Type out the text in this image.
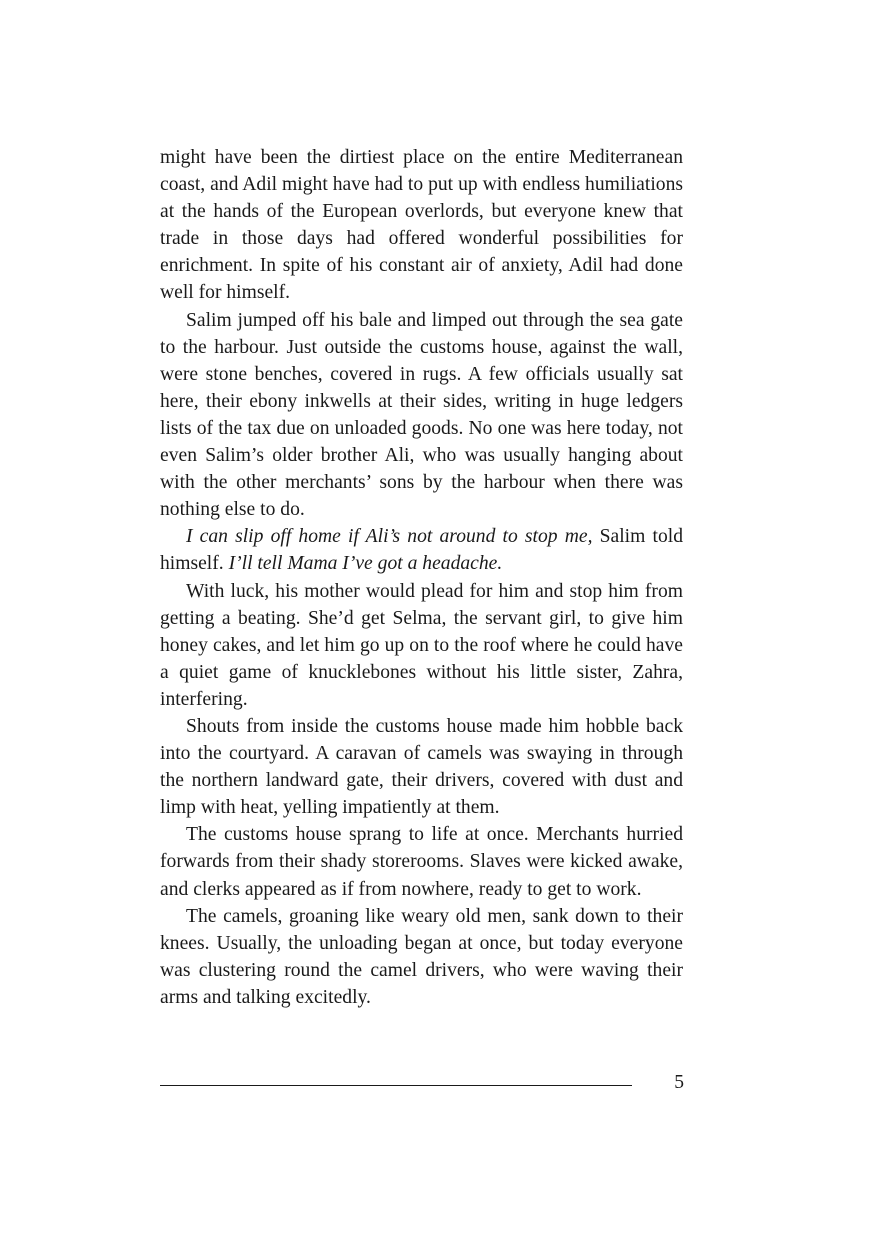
might have been the dirtiest place on the entire Mediterranean coast, and Adil might have had to put up with endless humiliations at the hands of the European overlords, but everyone knew that trade in those days had offered wonderful possibilities for enrichment. In spite of his constant air of anxiety, Adil had done well for himself.

Salim jumped off his bale and limped out through the sea gate to the harbour. Just outside the customs house, against the wall, were stone benches, covered in rugs. A few officials usually sat here, their ebony inkwells at their sides, writing in huge ledgers lists of the tax due on unloaded goods. No one was here today, not even Salim’s older brother Ali, who was usually hanging about with the other merchants’ sons by the harbour when there was nothing else to do.

I can slip off home if Ali’s not around to stop me, Salim told himself. I’ll tell Mama I’ve got a headache.

With luck, his mother would plead for him and stop him from getting a beating. She’d get Selma, the servant girl, to give him honey cakes, and let him go up on to the roof where he could have a quiet game of knucklebones without his little sister, Zahra, interfering.

Shouts from inside the customs house made him hobble back into the courtyard. A caravan of camels was swaying in through the northern landward gate, their drivers, covered with dust and limp with heat, yelling impatiently at them.

The customs house sprang to life at once. Merchants hurried forwards from their shady storerooms. Slaves were kicked awake, and clerks appeared as if from nowhere, ready to get to work.

The camels, groaning like weary old men, sank down to their knees. Usually, the unloading began at once, but today everyone was clustering round the camel drivers, who were waving their arms and talking excitedly.

5
